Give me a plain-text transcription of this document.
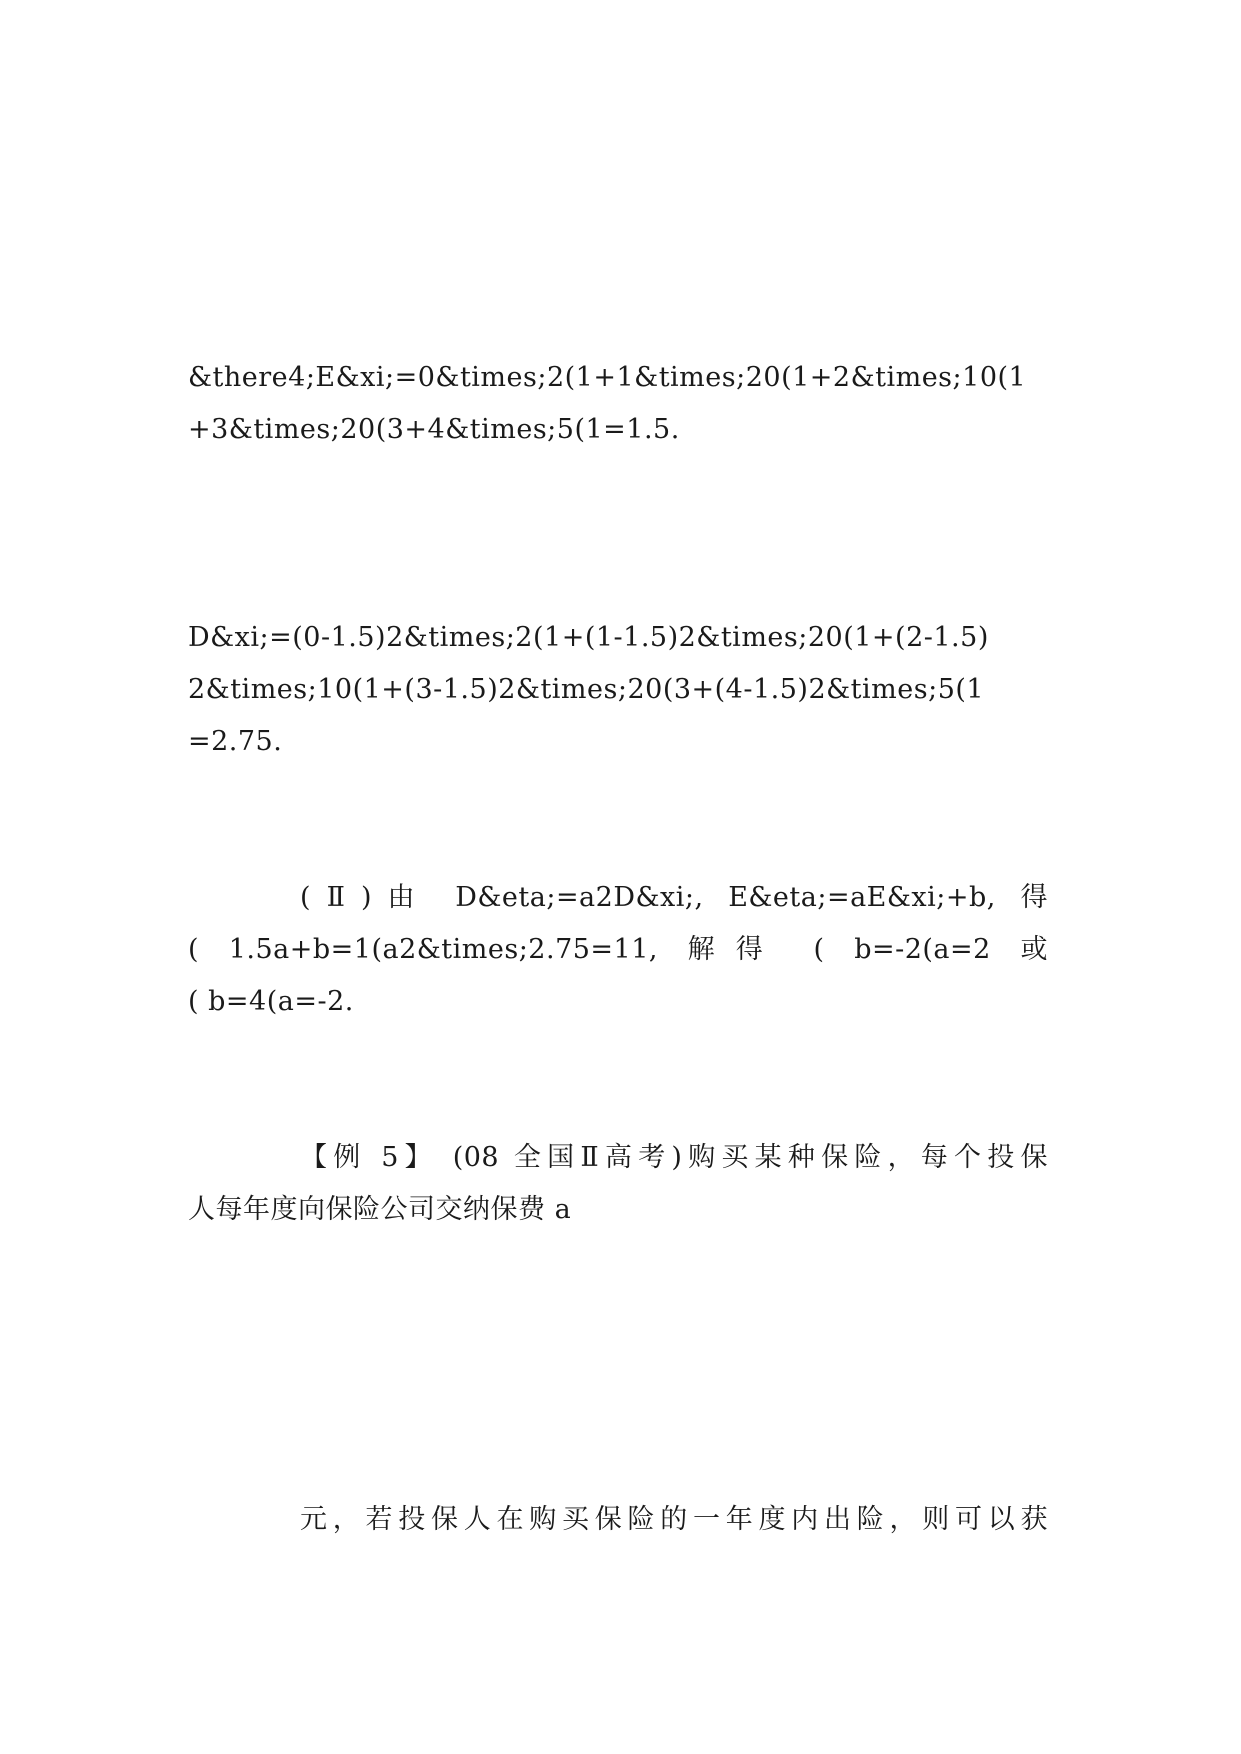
&there4;E&xi;=0&times;2(1+1&times;20(1+2&times;10(1
+3&times;20(3+4&times;5(1=1.5.
D&xi;=(0-1.5)2&times;2(1+(1-1.5)2&times;20(1+(2-1.5)
2&times;10(1+(3-1.5)2&times;20(3+(4-1.5)2&times;5(1
=2.75.
(Ⅱ)由 D&eta;=a2D&xi;, E&eta;=aE&xi;+b, 得
( 1.5a+b=1(a2&times;2.75=11, 解得 ( b=-2(a=2 或
( b=4(a=-2.
【例 5】 (08 全国Ⅱ高考)购买某种保险，每个投保
人每年度向保险公司交纳保费 a
元，若投保人在购买保险的一年度内出险，则可以获
